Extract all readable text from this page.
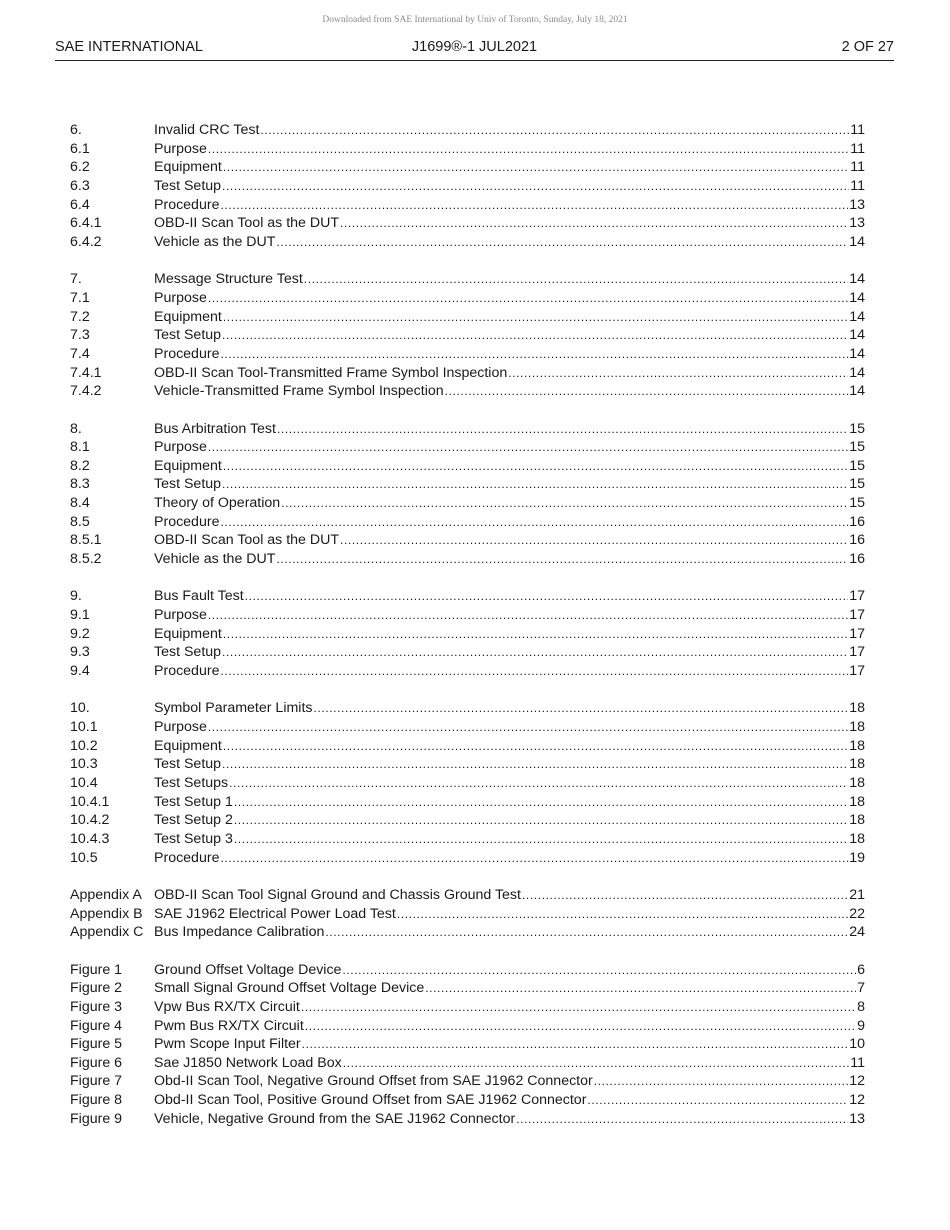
Downloaded from SAE International by Univ of Toronto, Sunday, July 18, 2021
SAE INTERNATIONAL	J1699®-1 JUL2021	2 OF 27
6.	Invalid CRC Test .....	11
6.1	Purpose .....	11
6.2	Equipment .....	11
6.3	Test Setup .....	11
6.4	Procedure .....	13
6.4.1	OBD-II Scan Tool as the DUT .....	13
6.4.2	Vehicle as the DUT .....	14
7.	Message Structure Test .....	14
7.1	Purpose .....	14
7.2	Equipment .....	14
7.3	Test Setup .....	14
7.4	Procedure .....	14
7.4.1	OBD-II Scan Tool-Transmitted Frame Symbol Inspection .....	14
7.4.2	Vehicle-Transmitted Frame Symbol Inspection .....	14
8.	Bus Arbitration Test .....	15
8.1	Purpose .....	15
8.2	Equipment .....	15
8.3	Test Setup .....	15
8.4	Theory of Operation .....	15
8.5	Procedure .....	16
8.5.1	OBD-II Scan Tool as the DUT .....	16
8.5.2	Vehicle as the DUT .....	16
9.	Bus Fault Test .....	17
9.1	Purpose .....	17
9.2	Equipment .....	17
9.3	Test Setup .....	17
9.4	Procedure .....	17
10.	Symbol Parameter Limits .....	18
10.1	Purpose .....	18
10.2	Equipment .....	18
10.3	Test Setup .....	18
10.4	Test Setups .....	18
10.4.1	Test Setup 1 .....	18
10.4.2	Test Setup 2 .....	18
10.4.3	Test Setup 3 .....	18
10.5	Procedure .....	19
Appendix A OBD-II Scan Tool Signal Ground and Chassis Ground Test .....	21
Appendix B SAE J1962 Electrical Power Load Test .....	22
Appendix C Bus Impedance Calibration .....	24
Figure 1	Ground Offset Voltage Device .....	6
Figure 2	Small Signal Ground Offset Voltage Device .....	7
Figure 3	Vpw Bus RX/TX Circuit .....	8
Figure 4	Pwm Bus RX/TX Circuit .....	9
Figure 5	Pwm Scope Input Filter .....	10
Figure 6	Sae J1850 Network Load Box .....	11
Figure 7	Obd-II Scan Tool, Negative Ground Offset from SAE J1962 Connector .....	12
Figure 8	Obd-II Scan Tool, Positive Ground Offset from SAE J1962 Connector .....	12
Figure 9	Vehicle, Negative Ground from the SAE J1962 Connector .....	13
